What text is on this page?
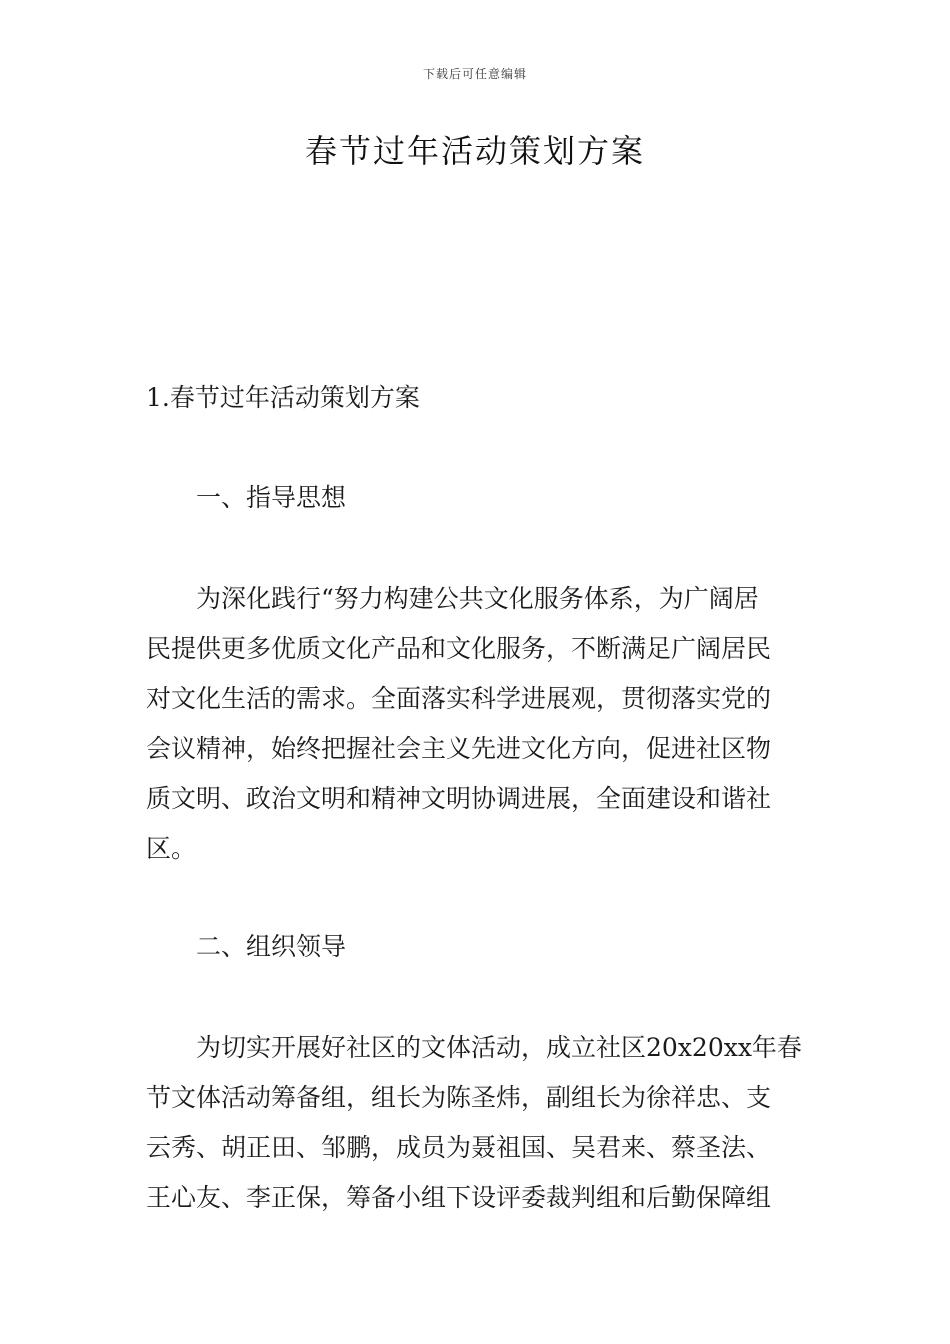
下载后可任意编辑
春节过年活动策划方案
1.春节过年活动策划方案
一、指导思想
为深化践行“努力构建公共文化服务体系，为广阔居
民提供更多优质文化产品和文化服务，不断满足广阔居民
对文化生活的需求。全面落实科学进展观，贯彻落实党的
会议精神，始终把握社会主义先进文化方向，促进社区物
质文明、政治文明和精神文明协调进展，全面建设和谐社
区。
二、组织领导
为切实开展好社区的文体活动，成立社区20x20xx年春
节文体活动筹备组，组长为陈圣炜，副组长为徐祥忠、支
云秀、胡正田、邹鹏，成员为聂祖国、吴君来、蔡圣法、
王心友、李正保，筹备小组下设评委裁判组和后勤保障组
